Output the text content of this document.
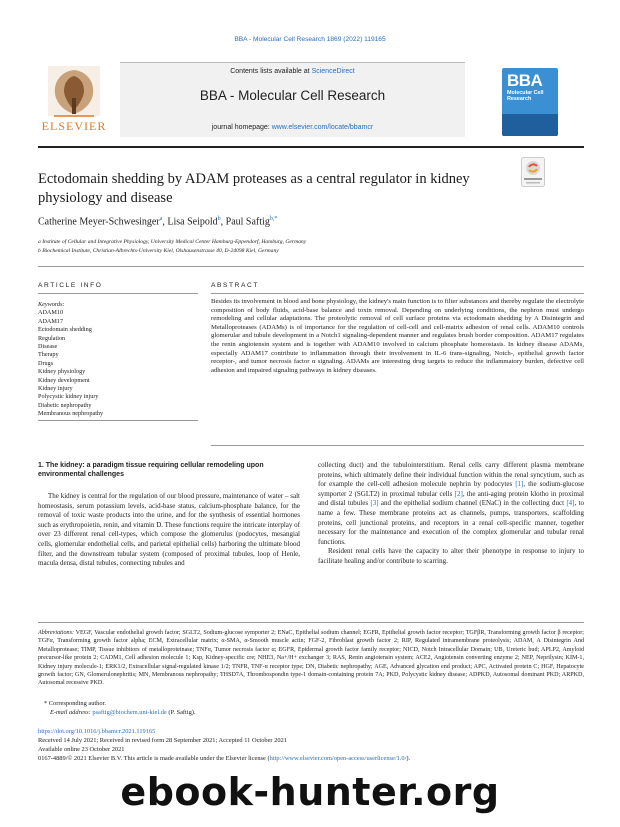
BBA - Molecular Cell Research 1869 (2022) 119165
ELSEVIER
Contents lists available at ScienceDirect
BBA - Molecular Cell Research
journal homepage: www.elsevier.com/locate/bbamcr
BBA
Molecular Cell
Research
Ectodomain shedding by ADAM proteases as a central regulator in kidney physiology and disease
Catherine Meyer-Schwesinger$^a$, Lisa Seipold$^b$, Paul Saftig$^{b,*}$
a Institute of Cellular and Integrative Physiology, University Medical Center Hamburg-Eppendorf, Hamburg, Germany
b Biochemical Institute, Christian-Albrechts-University Kiel, Olshausenstrasse 40, D-24098 Kiel, Germany
ARTICLE INFO	ABSTRACT
Keywords:
ADAM10
ADAM17
Ectodomain shedding
Regulation
Disease
Therapy
Drugs
Kidney physiology
Kidney development
Kidney injury
Polycystic kidney injury
Diabetic nephropathy
Membranous nephropathy
Besides its involvement in blood and bone physiology, the kidney's main function is to filter substances and thereby regulate the electrolyte composition of body fluids, acid-base balance and toxin removal. Depending on underlying conditions, the nephron must undergo remodeling and cellular adaptations. The proteolytic removal of cell surface proteins via ectodomain shedding by A Disintegrin and Metalloproteases (ADAMs) is of importance for the regulation of cell-cell and cell-matrix adhesion of renal cells. ADAM10 controls glomerular and tubule development in a Notch1 signaling-dependent manner and regulates brush border composition. ADAM17 regulates the renin angiotensin system and is together with ADAM10 involved in calcium phosphate homeostasis. In kidney disease ADAMs, especially ADAM17 contribute to inflammation through their involvement in IL-6 trans-signaling, Notch-, epithelial growth factor receptor-, and tumor necrosis factor α signaling. ADAMs are interesting drug targets to reduce the inflammatory burden, defective cell adhesion and impaired signaling pathways in kidney diseases.
1. The kidney: a paradigm tissue requiring cellular remodeling upon environmental challenges

The kidney is central for the regulation of our blood pressure, maintenance of water – salt homeostasis, serum potassium levels, acid-base status, calcium-phosphate balance, for the removal of toxic waste products into the urine, and for the synthesis of essential hormones such as erythropoietin, renin, and vitamin D. These functions require the intricate interplay of over 23 different renal cell-types, which compose the glomerulus (podocytes, mesangial cells, glomerular endothelial cells, and parietal epithelial cells) harboring the ultimate blood filter, and the downstream tubular system (composed of proximal tubules, loop of Henle, macula densa, distal tubules, connecting tubules and

collecting duct) and the tubulointerstitium. Renal cells carry different plasma membrane proteins, which ultimately define their individual function within the renal syncytium, such as for example the cell-cell adhesion molecule nephrin by podocytes [1], the sodium-glucose symporter 2 (SGLT2) in proximal tubular cells [2], the anti-aging protein klotho in proximal and distal tubules [3] and the epithelial sodium channel (ENaC) in the collecting duct [4], to name a few. These membrane proteins act as channels, pumps, transporters, scaffolding proteins, cell junctional proteins, and receptors in a renal cell-specific manner, together necessary for the maintenance and execution of the complex glomerular and tubular renal functions.

Resident renal cells have the capacity to alter their phenotype in response to injury to facilitate healing and/or contribute to scarring.

Abbreviations: VEGF, Vascular endothelial growth factor; SGLT2, Sodium-glucose symporter 2; ENaC, Epithelial sodium channel; EGFR, Epithelial growth factor receptor; TGFβR, Transforming growth factor β receptor; TGFα, Transforming growth factor alpha; ECM, Extracellular matrix; α-SMA, α-Smooth muscle actin; FGF-2, Fibroblast growth factor 2; RIP, Regulated intramembrane proteolysis; ADAM, A Disintegrin And Metalloprotease; TIMP, Tissue inhibitors of metalloproteinase; TNFα, Tumor necrosis factor α; EGFR, Epidermal growth factor family receptor; NICD, Notch Intracellular Domain; UB, Ureteric bud; APLP2, Amyloid precursor-like protein 2; CADM1, Cell adhesion molecule 1; Ksp, Kidney-specific cre; NHE3, Na+/H+ exchanger 3; RAS, Renin angiotensin system; ACE2, Angiotensin converting enzyme 2; NEP, Neprilysin; KIM-1, Kidney injury molecule-1; ERK1/2, Extracellular signal-regulated kinase 1/2; TNFR, TNF-α receptor type; DN, Diabetic nephropathy; AGE, Advanced glycation end product; APC, Activated protein C; HGF, Hepatocyte growth factor; GN, Glomerulonephritis; MN, Membranous nephropathy; THSD7A, Thrombospondin type-1 domain-containing protein 7A; PKD, Polycystic kidney disease; ADPKD, Autosomal dominant PKD; ARPKD, Autosomal recessive PKD.
* Corresponding author.
E-mail address: psaftig@biochem.uni-kiel.de (P. Saftig).
https://doi.org/10.1016/j.bbamcr.2021.119165
Received 14 July 2021; Received in revised form 28 September 2021; Accepted 11 October 2021
Available online 23 October 2021
0167-4889/© 2021 Elsevier B.V. This article is made available under the Elsevier license (http://www.elsevier.com/open-access/userlicense/1.0/).
ebook-hunter.org
